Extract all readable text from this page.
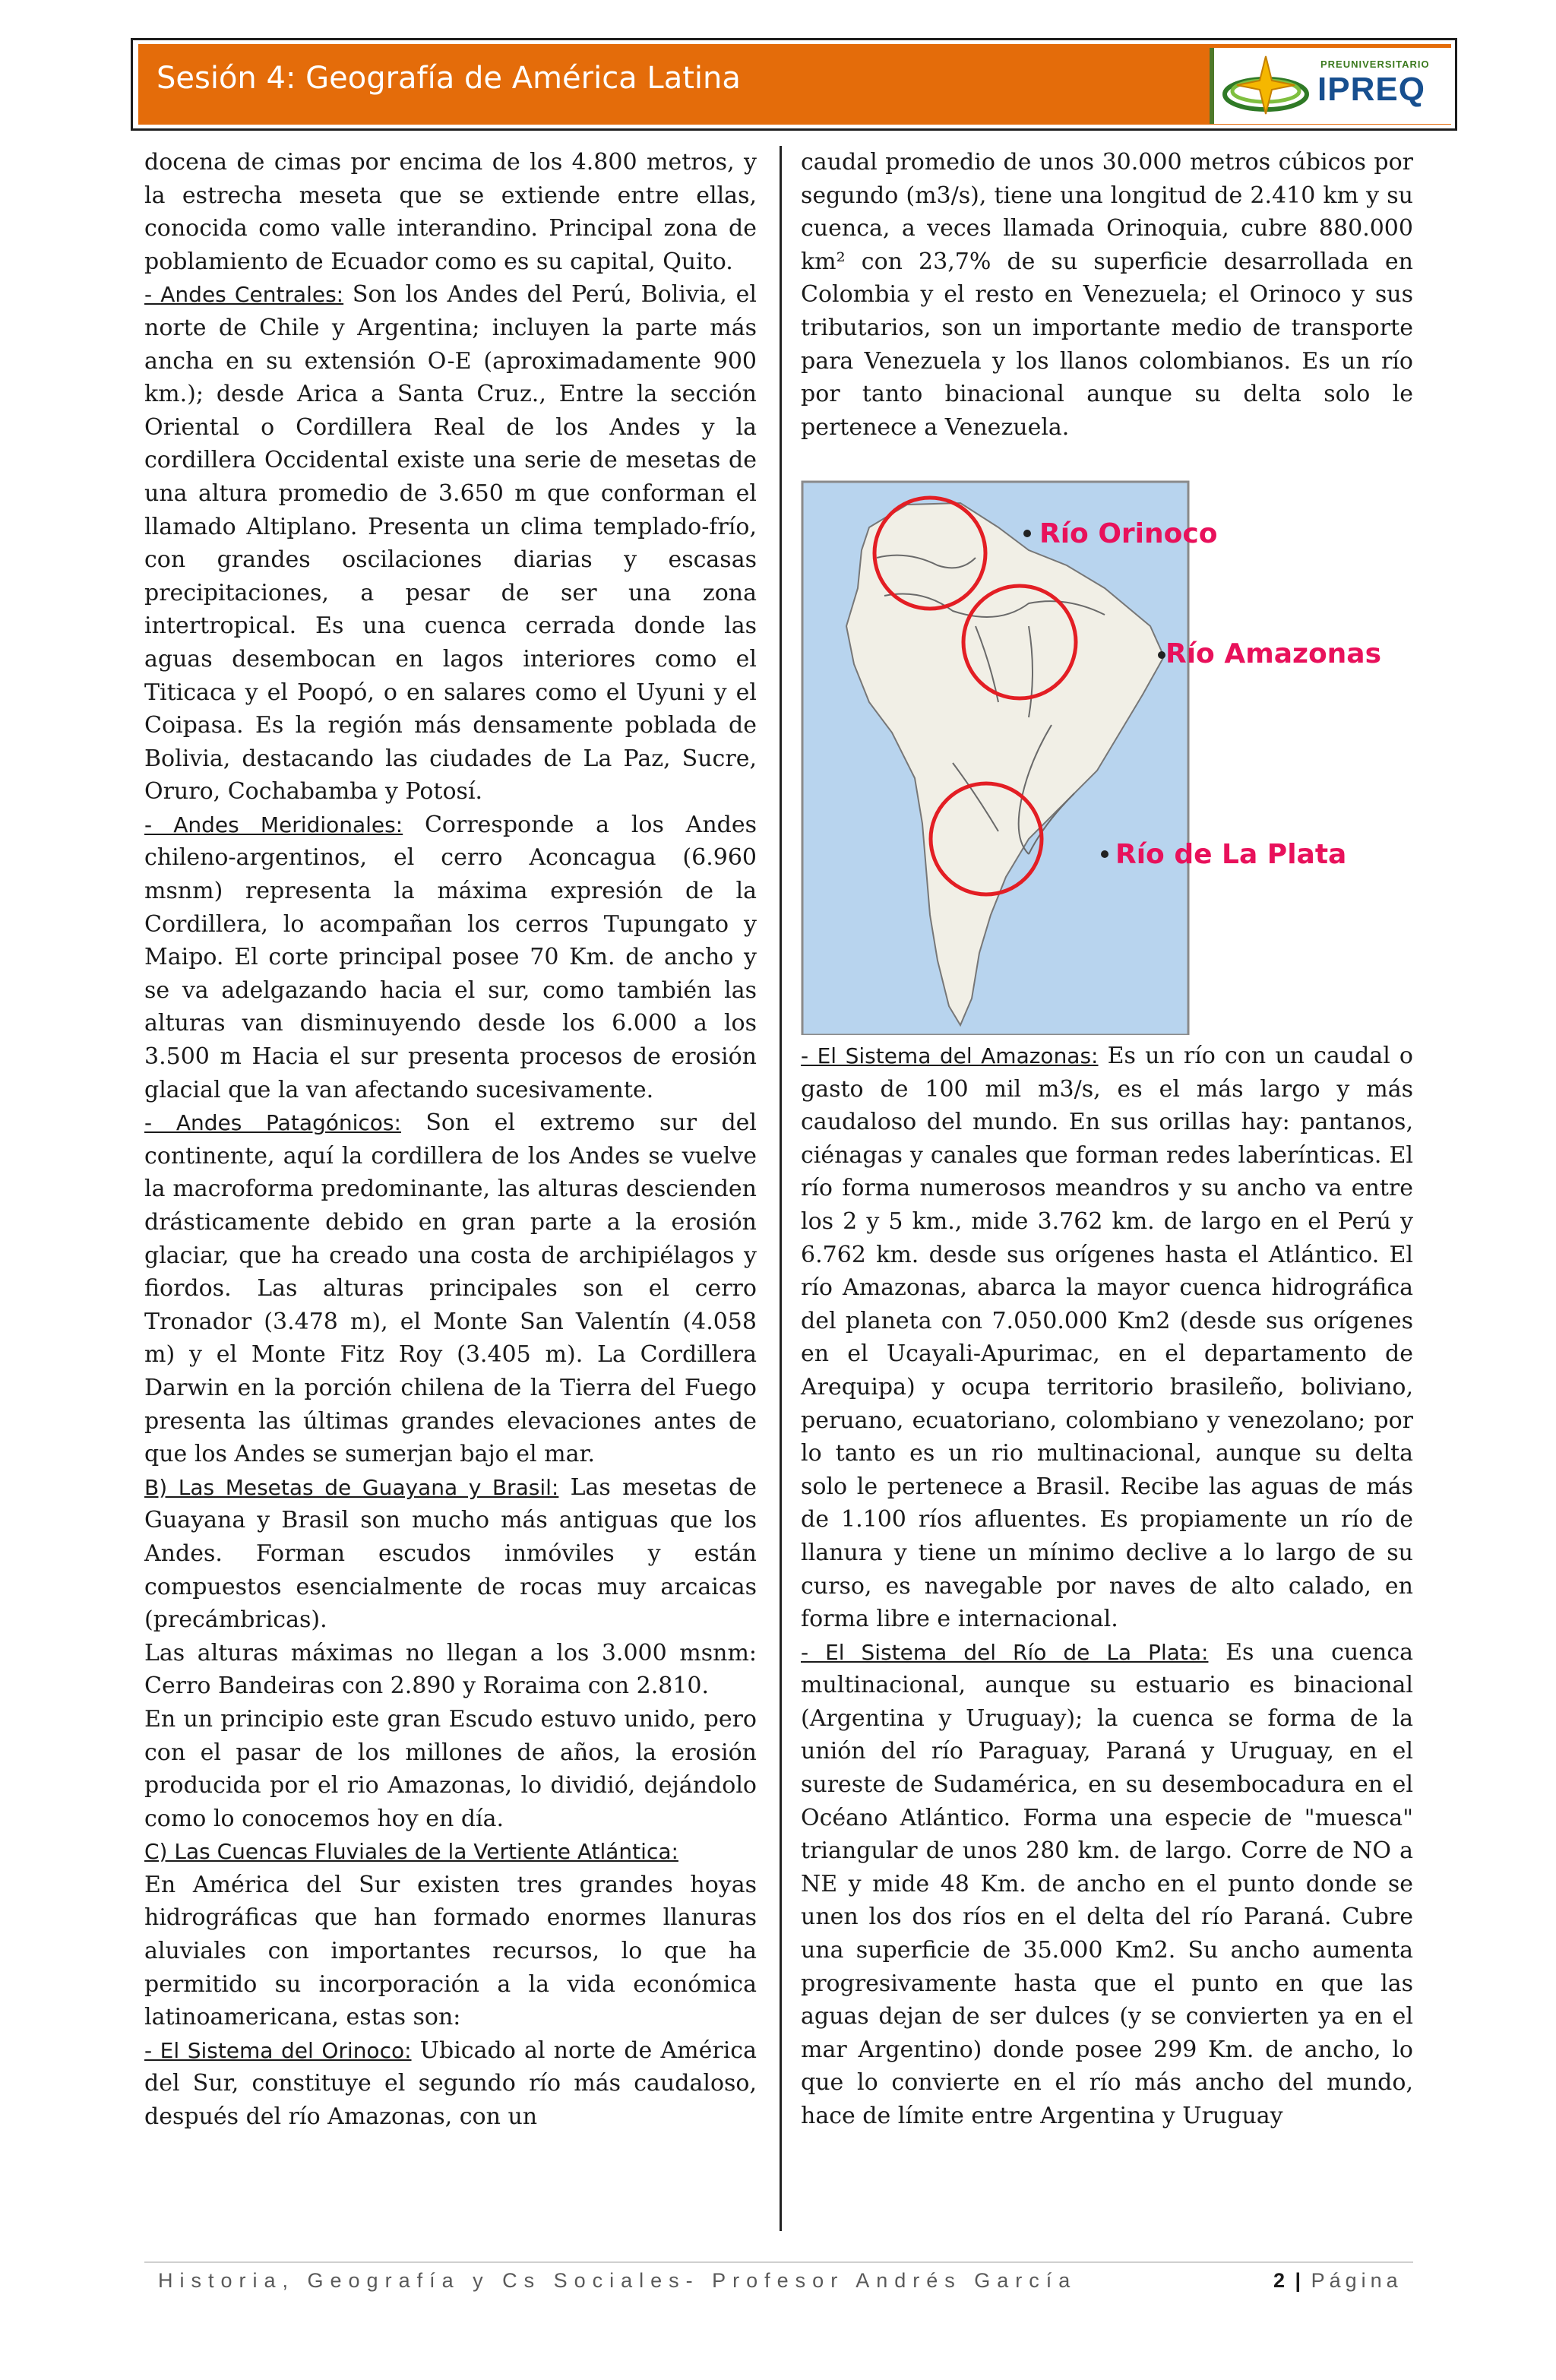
Sesión 4: Geografía de América Latina	PREUNIVERSITARIO
IPREQ

docena de cimas por encima de los 4.800 metros, y la estrecha meseta que se extiende entre ellas, conocida como valle interandino. Principal zona de poblamiento de Ecuador como es su capital, Quito.

- Andes Centrales: Son los Andes del Perú, Bolivia, el norte de Chile y Argentina; incluyen la parte más ancha en su extensión O-E (aproximadamente 900 km.); desde Arica a Santa Cruz., Entre la sección Oriental o Cordillera Real de los Andes y la cordillera Occidental existe una serie de mesetas de una altura promedio de 3.650 m que conforman el llamado Altiplano. Presenta un clima templado-frío, con grandes oscilaciones diarias y escasas precipitaciones, a pesar de ser una zona intertropical. Es una cuenca cerrada donde las aguas desembocan en lagos interiores como el Titicaca y el Poopó, o en salares como el Uyuni y el Coipasa. Es la región más densamente poblada de Bolivia, destacando las ciudades de La Paz, Sucre, Oruro, Cochabamba y Potosí.

- Andes Meridionales: Corresponde a los Andes chileno-argentinos, el cerro Aconcagua (6.960 msnm) representa la máxima expresión de la Cordillera, lo acompañan los cerros Tupungato y Maipo. El corte principal posee 70 Km. de ancho y se va adelgazando hacia el sur, como también las alturas van disminuyendo desde los 6.000 a los 3.500 m Hacia el sur presenta procesos de erosión glacial que la van afectando sucesivamente.

- Andes Patagónicos: Son el extremo sur del continente, aquí la cordillera de los Andes se vuelve la macroforma predominante, las alturas descienden drásticamente debido en gran parte a la erosión glaciar, que ha creado una costa de archipiélagos y fiordos. Las alturas principales son el cerro Tronador (3.478 m), el Monte San Valentín (4.058 m) y el Monte Fitz Roy (3.405 m). La Cordillera Darwin en la porción chilena de la Tierra del Fuego presenta las últimas grandes elevaciones antes de que los Andes se sumerjan bajo el mar.

B) Las Mesetas de Guayana y Brasil: Las mesetas de Guayana y Brasil son mucho más antiguas que los Andes. Forman escudos inmóviles y están compuestos esencialmente de rocas muy arcaicas (precámbricas).

Las alturas máximas no llegan a los 3.000 msnm: Cerro Bandeiras con 2.890 y Roraima con 2.810.

En un principio este gran Escudo estuvo unido, pero con el pasar de los millones de años, la erosión producida por el rio Amazonas, lo dividió, dejándolo como lo conocemos hoy en día.

C) Las Cuencas Fluviales de la Vertiente Atlántica:

En América del Sur existen tres grandes hoyas hidrográficas que han formado enormes llanuras aluviales con importantes recursos, lo que ha permitido su incorporación a la vida económica latinoamericana, estas son:

- El Sistema del Orinoco: Ubicado al norte de América del Sur, constituye el segundo río más caudaloso, después del río Amazonas, con un

caudal promedio de unos 30.000 metros cúbicos por segundo (m3/s), tiene una longitud de 2.410 km y su cuenca, a veces llamada Orinoquia, cubre 880.000 km² con 23,7% de su superficie desarrollada en Colombia y el resto en Venezuela; el Orinoco y sus tributarios, son un importante medio de transporte para Venezuela y los llanos colombianos. Es un río por tanto binacional aunque su delta solo le pertenece a Venezuela.

Río Orinoco
Río Amazonas
Río de La Plata

- El Sistema del Amazonas: Es un río con un caudal o gasto de 100 mil m3/s, es el más largo y más caudaloso del mundo. En sus orillas hay: pantanos, ciénagas y canales que forman redes laberínticas. El río forma numerosos meandros y su ancho va entre los 2 y 5 km., mide 3.762 km. de largo en el Perú y 6.762 km. desde sus orígenes hasta el Atlántico. El río Amazonas, abarca la mayor cuenca hidrográfica del planeta con 7.050.000 Km2 (desde sus orígenes en el Ucayali-Apurimac, en el departamento de Arequipa) y ocupa territorio brasileño, boliviano, peruano, ecuatoriano, colombiano y venezolano; por lo tanto es un rio multinacional, aunque su delta solo le pertenece a Brasil. Recibe las aguas de más de 1.100 ríos afluentes. Es propiamente un río de llanura y tiene un mínimo declive a lo largo de su curso, es navegable por naves de alto calado, en forma libre e internacional.

- El Sistema del Río de La Plata: Es una cuenca multinacional, aunque su estuario es binacional (Argentina y Uruguay); la cuenca se forma de la unión del río Paraguay, Paraná y Uruguay, en el sureste de Sudamérica, en su desembocadura en el Océano Atlántico. Forma una especie de "muesca" triangular de unos 280 km. de largo. Corre de NO a NE y mide 48 Km. de ancho en el punto donde se unen los dos ríos en el delta del río Paraná. Cubre una superficie de 35.000 Km2. Su ancho aumenta progresivamente hasta que el punto en que las aguas dejan de ser dulces (y se convierten ya en el mar Argentino) donde posee 299 Km. de ancho, lo que lo convierte en el río más ancho del mundo, hace de límite entre Argentina y Uruguay

Historia, Geografía y Cs Sociales- Profesor Andrés García	2 | Página
